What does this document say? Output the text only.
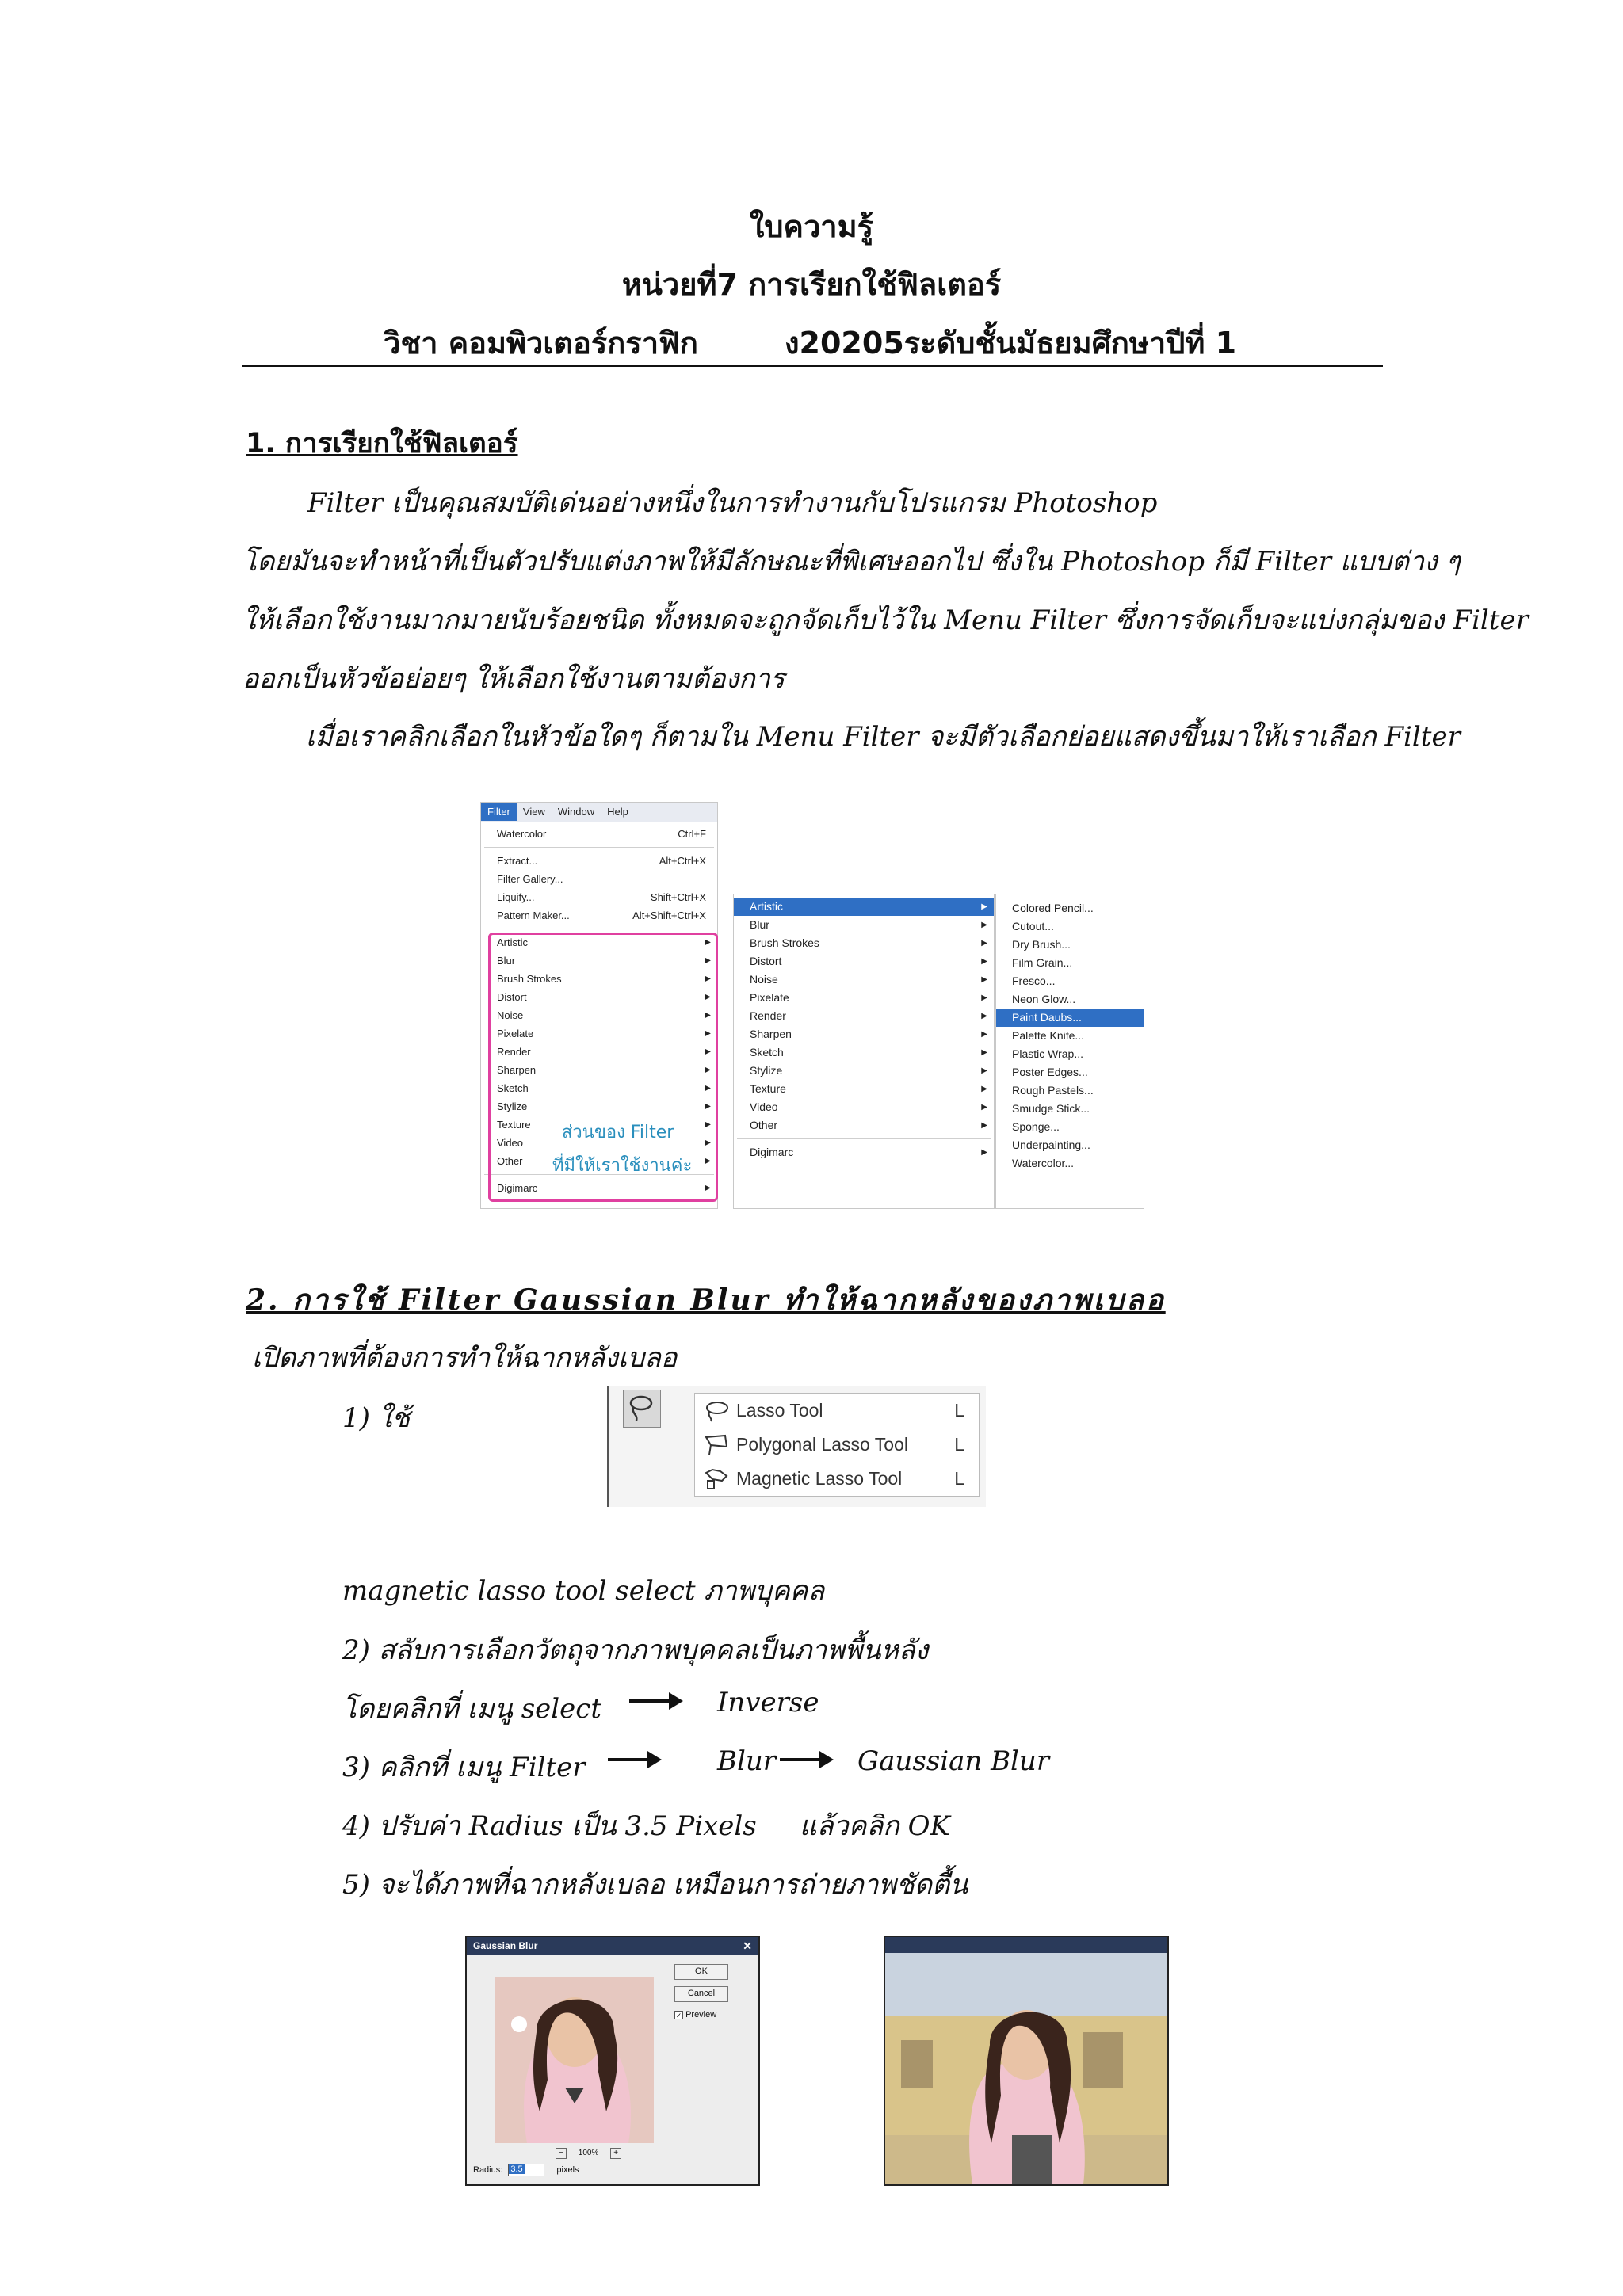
ใบความรู้
หน่วยที่7 การเรียกใช้ฟิลเตอร์
วิชา คอมพิวเตอร์กราฟิก	ง20205ระดับชั้นมัธยมศึกษาปีที่ 1
1. การเรียกใช้ฟิลเตอร์
Filter เป็นคุณสมบัติเด่นอย่างหนึ่งในการทำงานกับโปรแกรม Photoshop
โดยมันจะทำหน้าที่เป็นตัวปรับแต่งภาพให้มีลักษณะที่พิเศษออกไป ซึ่งใน Photoshop ก็มี Filter แบบต่าง ๆ
ให้เลือกใช้งานมากมายนับร้อยชนิด ทั้งหมดจะถูกจัดเก็บไว้ใน Menu Filter ซึ่งการจัดเก็บจะแบ่งกลุ่มของ Filter
ออกเป็นหัวข้อย่อยๆ ให้เลือกใช้งานตามต้องการ
เมื่อเราคลิกเลือกในหัวข้อใดๆ ก็ตามใน Menu Filter จะมีตัวเลือกย่อยแสดงขึ้นมาให้เราเลือก Filter
Filter View Window Help
Watercolor	Ctrl+F
Extract...	Alt+Ctrl+X
Filter Gallery...
Liquify...	Shift+Ctrl+X
Pattern Maker...	Alt+Shift+Ctrl+X
Artistic	▶
Blur	▶
Brush Strokes	▶
Distort	▶
Noise	▶
Pixelate	▶
Render	▶
Sharpen	▶
Sketch	▶
Stylize	▶
Texture	▶
Video	▶
Other	▶
Digimarc	▶
ส่วนของ Filter
ที่มีให้เราใช้งานค่ะ
Artistic	▶
Blur	▶
Brush Strokes	▶
Distort	▶
Noise	▶
Pixelate	▶
Render	▶
Sharpen	▶
Sketch	▶
Stylize	▶
Texture	▶
Video	▶
Other	▶
Digimarc	▶
Colored Pencil...
Cutout...
Dry Brush...
Film Grain...
Fresco...
Neon Glow...
Paint Daubs...
Palette Knife...
Plastic Wrap...
Poster Edges...
Rough Pastels...
Smudge Stick...
Sponge...
Underpainting...
Watercolor...
2. การใช้ Filter Gaussian Blur ทำให้ฉากหลังของภาพเบลอ
เปิดภาพที่ต้องการทำให้ฉากหลังเบลอ
1) ใช้	Lasso Tool	L
Polygonal Lasso Tool	L
Magnetic Lasso Tool	L
magnetic lasso tool select ภาพบุคคล
2) สลับการเลือกวัตถุจากภาพบุคคลเป็นภาพพื้นหลัง
โดยคลิกที่ เมนู select	Inverse
3) คลิกที่ เมนู Filter	Blur	Gaussian Blur
4) ปรับค่า Radius เป็น 3.5 Pixels     แล้วคลิก OK
5) จะได้ภาพที่ฉากหลังเบลอ เหมือนการถ่ายภาพชัดตื้น
Gaussian Blur	✕
OK
Cancel
✓ Preview
− 100% +
Radius: 3.5	pixels
